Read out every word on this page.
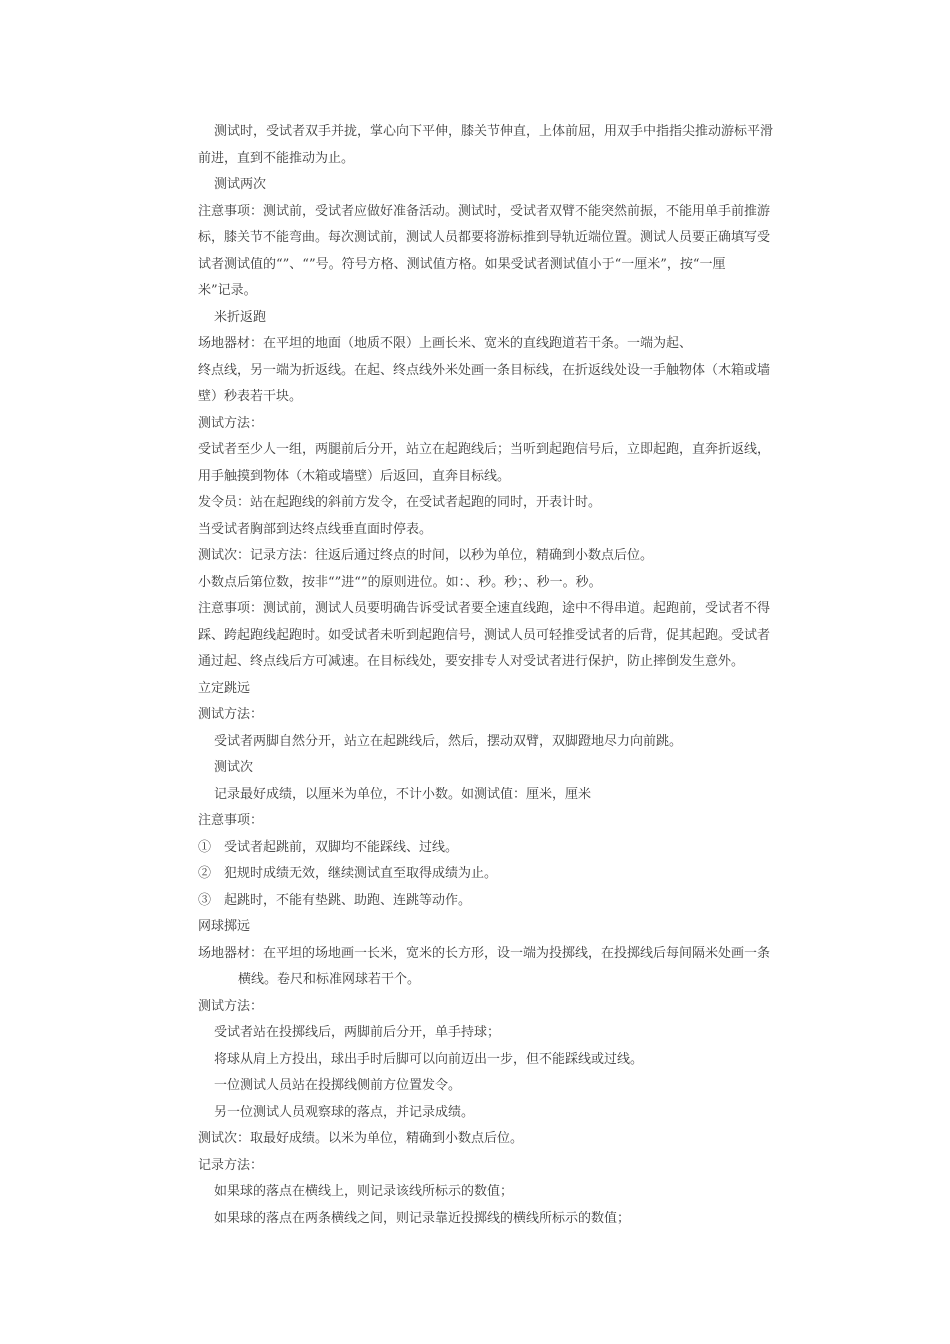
测试时，受试者双手并拢，掌心向下平伸，膝关节伸直，上体前屈，用双手中指指尖推动游标平滑
前进，直到不能推动为止。
测试两次
注意事项：测试前，受试者应做好准备活动。测试时，受试者双臂不能突然前振，不能用单手前推游
标，膝关节不能弯曲。每次测试前，测试人员都要将游标推到导轨近端位置。测试人员要正确填写受
试者测试值的“”、“”号。符号方格、测试值方格。如果受试者测试值小于“一厘米”，按“一厘
米”记录。
米折返跑
场地器材：在平坦的地面（地质不限）上画长米、宽米的直线跑道若干条。一端为起、
终点线，另一端为折返线。在起、终点线外米处画一条目标线，在折返线处设一手触物体（木箱或墙
壁）秒表若干块。
测试方法：
受试者至少人一组，两腿前后分开，站立在起跑线后；当听到起跑信号后，立即起跑，直奔折返线，
用手触摸到物体（木箱或墙壁）后返回，直奔目标线。
发令员：站在起跑线的斜前方发令，在受试者起跑的同时，开表计时。
当受试者胸部到达终点线垂直面时停表。
测试次：记录方法：往返后通过终点的时间，以秒为单位，精确到小数点后位。
小数点后第位数，按非“”进“”的原则进位。如：、秒。秒；、秒一。秒。
注意事项：测试前，测试人员要明确告诉受试者要全速直线跑，途中不得串道。起跑前，受试者不得
踩、跨起跑线起跑时。如受试者未听到起跑信号，测试人员可轻推受试者的后背，促其起跑。受试者
通过起、终点线后方可减速。在目标线处，要安排专人对受试者进行保护，防止摔倒发生意外。
立定跳远
测试方法：
受试者两脚自然分开，站立在起跳线后，然后，摆动双臂，双脚蹬地尽力向前跳。
测试次
记录最好成绩，以厘米为单位，不计小数。如测试值：厘米，厘米
注意事项：
①　受试者起跳前，双脚均不能踩线、过线。
②　犯规时成绩无效，继续测试直至取得成绩为止。
③　起跳时，不能有垫跳、助跑、连跳等动作。
网球掷远
场地器材：在平坦的场地画一长米，宽米的长方形，设一端为投掷线，在投掷线后每间隔米处画一条
横线。卷尺和标准网球若干个。
测试方法：
受试者站在投掷线后，两脚前后分开，单手持球；
将球从肩上方投出，球出手时后脚可以向前迈出一步，但不能踩线或过线。
一位测试人员站在投掷线侧前方位置发令。
另一位测试人员观察球的落点，并记录成绩。
测试次：取最好成绩。以米为单位，精确到小数点后位。
记录方法：
如果球的落点在横线上，则记录该线所标示的数值；
如果球的落点在两条横线之间，则记录靠近投掷线的横线所标示的数值；
